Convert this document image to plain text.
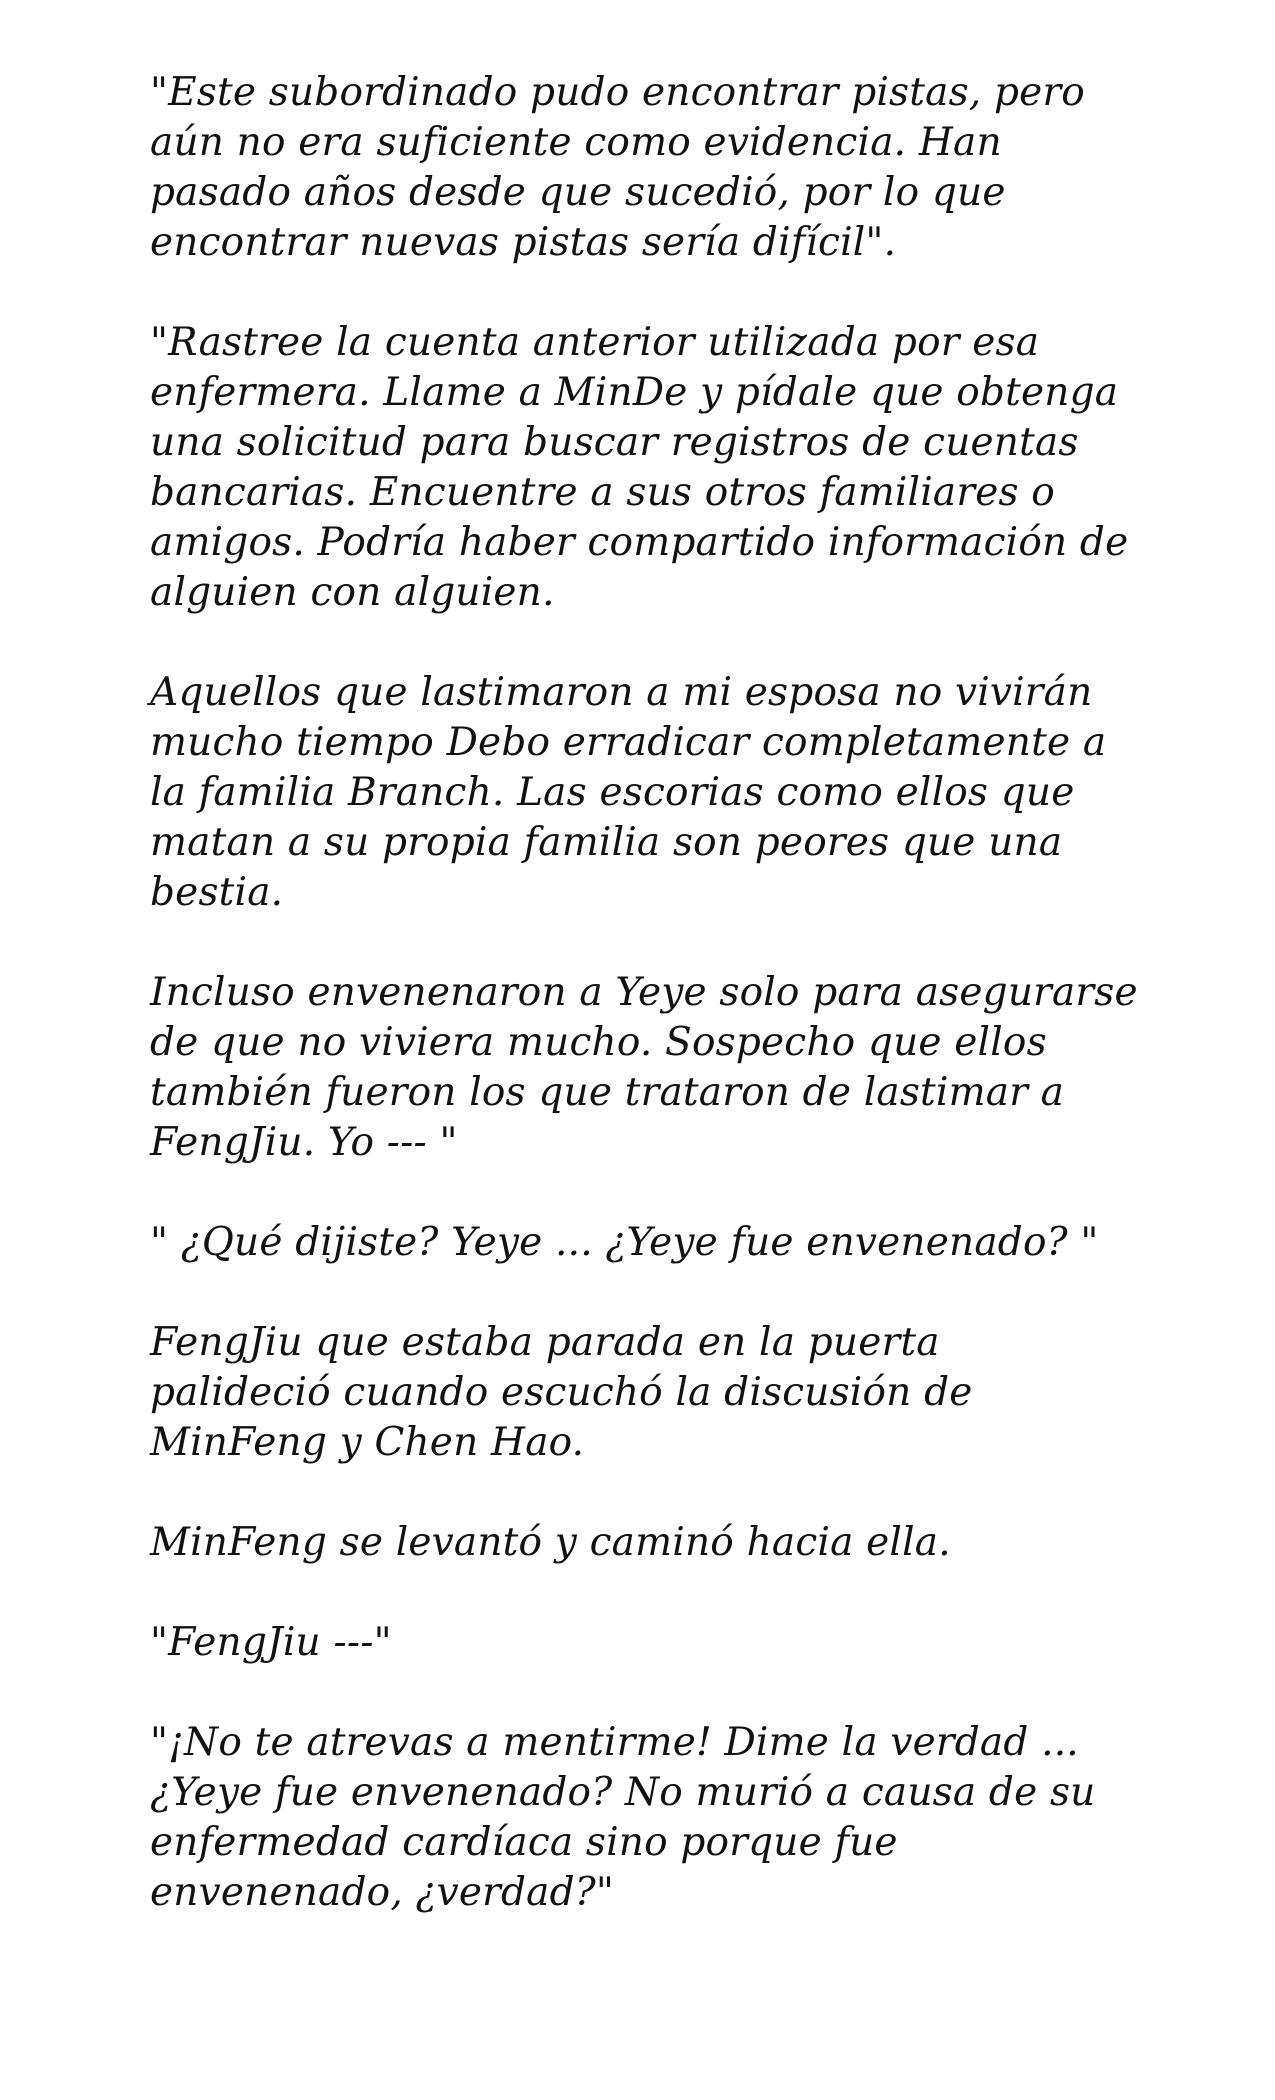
"Este subordinado pudo encontrar pistas, pero
aún no era suficiente como evidencia. Han
pasado años desde que sucedió, por lo que
encontrar nuevas pistas sería difícil".
"Rastree la cuenta anterior utilizada por esa
enfermera. Llame a MinDe y pídale que obtenga
una solicitud para buscar registros de cuentas
bancarias. Encuentre a sus otros familiares o
amigos. Podría haber compartido información de
alguien con alguien.
Aquellos que lastimaron a mi esposa no vivirán
mucho tiempo Debo erradicar completamente a
la familia Branch. Las escorias como ellos que
matan a su propia familia son peores que una
bestia.
Incluso envenenaron a Yeye solo para asegurarse
de que no viviera mucho. Sospecho que ellos
también fueron los que trataron de lastimar a
FengJiu. Yo --- "
" ¿Qué dijiste? Yeye ... ¿Yeye fue envenenado? "
FengJiu que estaba parada en la puerta
palideció cuando escuchó la discusión de
MinFeng y Chen Hao.
MinFeng se levantó y caminó hacia ella.
"FengJiu ---"
"¡No te atrevas a mentirme! Dime la verdad ...
¿Yeye fue envenenado? No murió a causa de su
enfermedad cardíaca sino porque fue
envenenado, ¿verdad?"
